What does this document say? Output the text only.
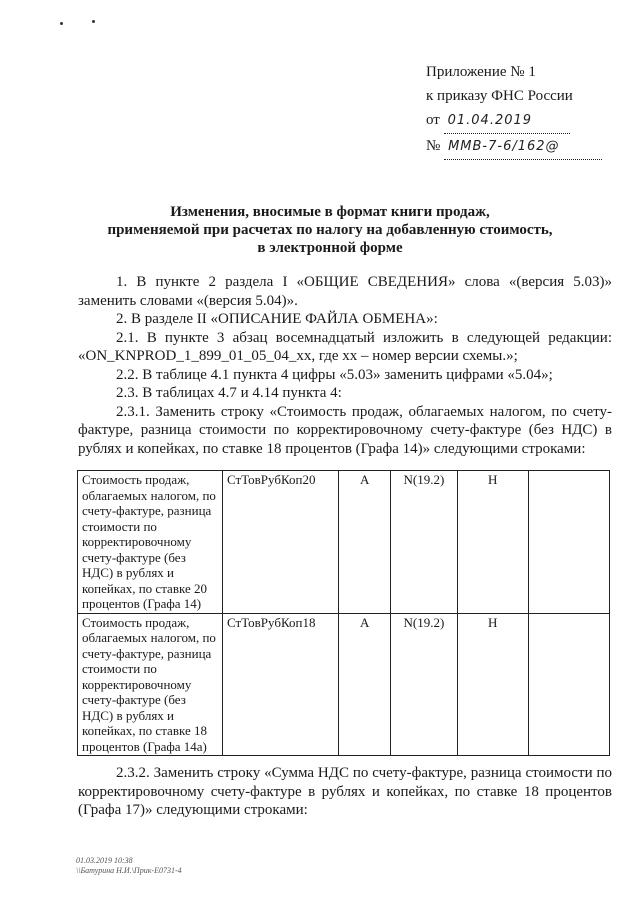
Приложение № 1
к приказу ФНС России
от 01.04.2019
№ ММВ-7-6/162@
Изменения, вносимые в формат книги продаж,
применяемой при расчетах по налогу на добавленную стоимость,
в электронной форме

1. В пункте 2 раздела I «ОБЩИЕ СВЕДЕНИЯ» слова «(версия 5.03)» заменить словами «(версия 5.04)».

2. В разделе II «ОПИСАНИЕ ФАЙЛА ОБМЕНА»:

2.1. В пункте 3 абзац восемнадцатый изложить в следующей редакции: «ON_KNPROD_1_899_01_05_04_xx, где xx – номер версии схемы.»;

2.2. В таблице 4.1 пункта 4 цифры «5.03» заменить цифрами «5.04»;

2.3. В таблицах 4.7 и 4.14 пункта 4:

2.3.1. Заменить строку «Стоимость продаж, облагаемых налогом, по счету-фактуре, разница стоимости по корректировочному счету-фактуре (без НДС) в рублях и копейках, по ставке 18 процентов (Графа 14)» следующими строками:

Стоимость продаж, облагаемых налогом, по счету-фактуре, разница стоимости по корректировочному счету-фактуре (без НДС) в рублях и копейках, по ставке 20 процентов (Графа 14)	СтТовРубКоп20	А	N(19.2)	Н	
Стоимость продаж, облагаемых налогом, по счету-фактуре, разница стоимости по корректировочному счету-фактуре (без НДС) в рублях и копейках, по ставке 18 процентов (Графа 14а)	СтТовРубКоп18	А	N(19.2)	Н	

2.3.2. Заменить строку «Сумма НДС по счету-фактуре, разница стоимости по корректировочному счету-фактуре в рублях и копейках, по ставке 18 процентов (Графа 17)» следующими строками:

01.03.2019 10:38
\\Батурина Н.И.\Прик-Е0731-4
